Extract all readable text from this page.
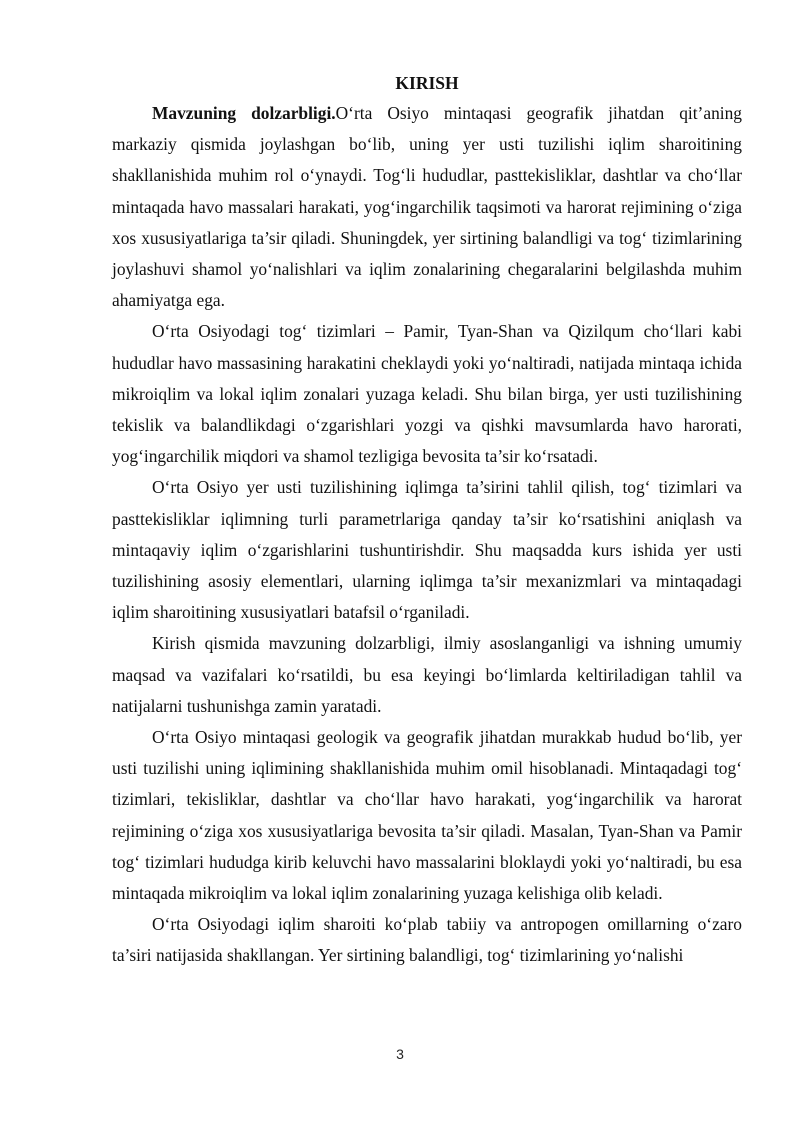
KIRISH

Mavzuning dolzarbligi.O‘rta Osiyo mintaqasi geografik jihatdan qit’aning markaziy qismida joylashgan bo‘lib, uning yer usti tuzilishi iqlim sharoitining shakllanishida muhim rol o‘ynaydi. Tog‘li hududlar, pasttekisliklar, dashtlar va cho‘llar mintaqada havo massalari harakati, yog‘ingarchilik taqsimoti va harorat rejimining o‘ziga xos xususiyatlariga ta’sir qiladi. Shuningdek, yer sirtining balandligi va tog‘ tizimlarining joylashuvi shamol yo‘nalishlari va iqlim zonalarining chegaralarini belgilashda muhim ahamiyatga ega.

O‘rta Osiyodagi tog‘ tizimlari – Pamir, Tyan-Shan va Qizilqum cho‘llari kabi hududlar havo massasining harakatini cheklaydi yoki yo‘naltiradi, natijada mintaqa ichida mikroiqlim va lokal iqlim zonalari yuzaga keladi. Shu bilan birga, yer usti tuzilishining tekislik va balandlikdagi o‘zgarishlari yozgi va qishki mavsumlarda havo harorati, yog‘ingarchilik miqdori va shamol tezligiga bevosita ta’sir ko‘rsatadi.

O‘rta Osiyo yer usti tuzilishining iqlimga ta’sirini tahlil qilish, tog‘ tizimlari va pasttekisliklar iqlimning turli parametrlariga qanday ta’sir ko‘rsatishini aniqlash va mintaqaviy iqlim o‘zgarishlarini tushuntirishdir. Shu maqsadda kurs ishida yer usti tuzilishining asosiy elementlari, ularning iqlimga ta’sir mexanizmlari va mintaqadagi iqlim sharoitining xususiyatlari batafsil o‘rganiladi.

Kirish qismida mavzuning dolzarbligi, ilmiy asoslanganligi va ishning umumiy maqsad va vazifalari ko‘rsatildi, bu esa keyingi bo‘limlarda keltiriladigan tahlil va natijalarni tushunishga zamin yaratadi.

O‘rta Osiyo mintaqasi geologik va geografik jihatdan murakkab hudud bo‘lib, yer usti tuzilishi uning iqlimining shakllanishida muhim omil hisoblanadi. Mintaqadagi tog‘ tizimlari, tekisliklar, dashtlar va cho‘llar havo harakati, yog‘ingarchilik va harorat rejimining o‘ziga xos xususiyatlariga bevosita ta’sir qiladi. Masalan, Tyan-Shan va Pamir tog‘ tizimlari hududga kirib keluvchi havo massalarini bloklaydi yoki yo‘naltiradi, bu esa mintaqada mikroiqlim va lokal iqlim zonalarining yuzaga kelishiga olib keladi.

O‘rta Osiyodagi iqlim sharoiti ko‘plab tabiiy va antropogen omillarning o‘zaro ta’siri natijasida shakllangan. Yer sirtining balandligi, tog‘ tizimlarining yo‘nalishi

3
